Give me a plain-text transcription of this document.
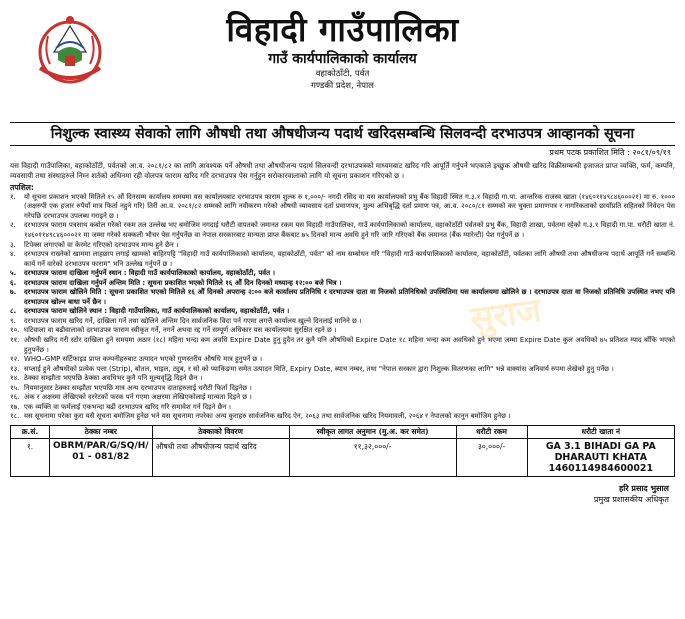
विहादी गाउँपालिका
गाउँ कार्यपालिकाको कार्यालय
वहाकोठाँटी, पर्वत
गण्डकी प्रदेश, नेपाल
निशुल्क स्वास्थ्य सेवाको लागि औषधी तथा औषधीजन्य पदार्थ खरिदसम्बन्धि सिलवन्दी दरभाउपत्र आव्हानको सूचना
प्रथम पटक प्रकाशित मिति : २०८१/०९/१९
यस विहादी गाउँपालिका, वहाकोठाँटी, पर्वतको आ.व. २०८१/८२ का लागि आवश्यक पर्ने औषधी तथा औषधीजन्य पदार्थ सिलवन्दी दरभाउपत्रको माध्यमबाट खरिद गरि आपूर्ति गर्नुपर्ने भएकाले इच्छुक औषधी खरिद विक्रीसम्बन्धी इजाजत प्राप्त व्यक्ति, फर्म, कम्पनि, व्यवसायी तथा संस्थाहरुले निम्न शर्तको अधिनमा रही वोलपत्र फाराम खरिद गरि दरभाउपत्र पेस गर्नुहुन सरोकारवालाको लागि यो सूचना प्रकाशन गरिएको छ ।
तपशिल:
१. यो सूचना प्रकाशन भएको मितिले १५ औं दिनसम्म कार्यालय समयमा यस कार्यालयबाट दरभाउपत्र फाराम शुल्क रु १,०००/- नगदी रसिद वा यस कार्यालयको प्रभु बैंक विहादी स्थित ग.३.१ विहादी गा.पा. आन्तरिक राजस्व खाता (१४६०११४९८४६०००२१) मा रु. १००० (अक्षरुपी एक हजार रुपैयाँ मात्र फिर्ता नहुने गरि) तिरी आ.व. २०८१/८२ सम्मको लागि नवीकरण गरेको औषधी व्यावसाय दर्ता प्रमाणपत्र, मुल्य अभिबृद्धि दर्ता प्रमाण पत्र, आ.व. २०८०/८१ सम्मको कर चुक्ता प्रमाणपत्र र नागरिकताको छायाँप्रति सहितको निवेदन पेस गरेपछि दरभाउपत्र उपलब्ध गराइने छ ।
२. दरभाउपत्र फाराम पत्रसाथ कबोल गरेको रकम तल उल्लेख भए बमोजिम नगदाई धरौटी वापतको जमानत रकम यस विहादी गाउँपालिका, गाउँ कार्यपालिकाको कार्यालय, वहाकोठाँटी पर्वतको प्रभु बैंक, विहादी शाखा, पर्वतमा रहेको ग.३.१ विहादी गा.पा. धरौटी खाता नं. १४६०११४९८४६०००२१ मा जम्मा गरेको सक्कली भौचर पेस गर्नुपर्नेछ वा नेपाल सरकारबाट मान्यता प्राप्त बैंकबाट ७५ दिनको मान्य अवधि हुने गरि जारि गरिएको बैंक जमानत (बैंक ग्यारेन्टी) पेश गर्नुपर्ने छ ।
३. टिपेक्स लगाएको वा केरमेट गरिएको दरभाउपत्र मान्य हुने छैन ।
४. दरभाउपत्र राख्नेको खाममा लाहछाप लगाई खामको बाहिरपट्टि "विहादी गाउँ कार्यपालिकाको कार्यालय, वहाकोठाँटी, पर्वत" को नाम सम्बोधन गरि "विहादी गाउँ कार्यपालिकाको कार्यालय, वहाकोठाँटी, पर्वतका लागि औषधी तथा औषधीजन्य पदार्थ आपूर्ति गर्ने सम्बन्धि कार्य गर्ने वारेको दरभाउपत्र फाराम" भनि उल्लेख गर्नुपर्ने छ ।
५. दरभाउपत्र फाराम दाखिला गर्नुपर्ने स्थान : विहादी गाउँ कार्यपालिकाको कार्यालय, वहाकोठाँटी, पर्वत ।
६. दरभाउपत्र फाराम दाखिला गर्नुपर्ने अन्तिम मिति : सूचना प्रकाशित भएको मितिले १६ औं दिन दिनको मध्यान्ह १२:०० बजे भित्र ।
७. दरभाउपत्र फाराम खोलिने मिति : सूचना प्रकाशित भएको मितिले १६ औं दिनको अपरान्ह २:०० बजे कार्यालय प्रतिनिधि र दरभाउपत्र दाता वा निजको प्रतिनिधिको उपस्थितिमा यस कार्यालयमा खोलिने छ । दरभाउपत्र दाता वा निजको प्रतिनिधि उपस्थित नभए पनि दरभाउपत्र खोल्न बाधा पर्ने छैन ।
८. दरभाउपत्र फाराम खोलिने स्थान : विहादी गाउँपालिका, गाउँ कार्यपालिकाको कार्यालय, वहाकोठाँटी, पर्वत ।
९. दरभाउपत्र फाराम खरिद गर्ने, दाखिला गर्ने तथा खोलिने अन्तिम दिन सार्वजनिक विदा पर्न गएमा लगत्तै कार्यालय खुल्ने दिनलाई मानिने छ ।
१०. घटिवाला वा बढीवालाको दरभाउपत्र फाराम स्वीकृत गर्ने, नगर्ने अथवा रद्द गर्ने सम्पूर्ण अधिकार यस कार्यालयमा सुरक्षित रहने छ ।
११. औषधी खरिद गरी स्टोर दाखिला हुने समयमा अठार (१८) महिना भन्दा कम अवधि Expire Date हुनु हुदैन तर कुनै पनि औषधिको Expire Date १८ महिना भन्दा कम अवधिको हुने भएमा जम्मा Expire Date कुल अवधिको ७५ प्रतिशत ग्याद बाँकि भएको हुनुपर्नेछ ।
१२. WHO–GMP सर्टिफाइड प्राप्त कम्पनीहरुबाट उत्पादन भएको गुणस्तरीय औषधि मात्र हुनुपर्ने छ ।
१३. सप्लाई हुने औषधीको प्रत्येक पत्ता (Strip), बोतल, भाइल, ट्युब, र सो को प्याकिङमा समेत उत्पादन मिति, Expiry Date, ब्याच नम्बर, तथा "नेपाल सरकार द्वारा निशुल्क वितरणका लागि" भन्ने वाक्यांस अनिवार्य रुपमा लेखेको हुनु पर्नेछ ।
१४. ठेक्का सम्झौता भएपछि ठेक्का अवधिभर कुनै पनि मूल्यवृद्धि दिइने छैन ।
१५. नियमानुसार ठेक्का सम्झौता भएपछि मात्र अन्य दरभाउपत्र दाताहरुलाई धरौटी फिर्ता दिइनेछ ।
१६. अंक र अक्षरमा लेखिएको दररेटको फरक पर्न गएमा अक्षरमा लेखिएकोलाई मान्यता दिइने छ ।
१७. एक व्यक्ति वा फर्मलाई एकभन्दा बढी दरभाउपत्र खरिद गरि समावेश गर्न दिइने छैन ।
१८. यस सूचनामा परेका कुरा यसै सूचना बमोजिम हुनेछ भने यस सूचनामा नपरेका अन्य कुराहरु सार्वजनिक खरिद ऐन, २०६३ तथा सार्वजनिक खरिद नियमावली, २०६४ र नेपालको कानुन बमोजिम हुनेछ ।
क्र.सं.	ठेक्का नम्बर	ठेक्काको विवरण	स्वीकृत लागत अनुमान (मु.अ. कर समेत)	धरौटी रकम	धरौटी खाता नं
१.	OBRM/PAR/G/SQ/H/ 01 - 081/82	औषधी तथा औषधीजन्य पदार्थ खरिद	११,३२,०००/-	३०,०००/-	GA 3.1 BIHADI GA PA DHARAUTI KHATA 1460114984600021
हरि प्रसाद भुसाल
प्रमुख प्रशासकीय अधिकृत
सुराज
